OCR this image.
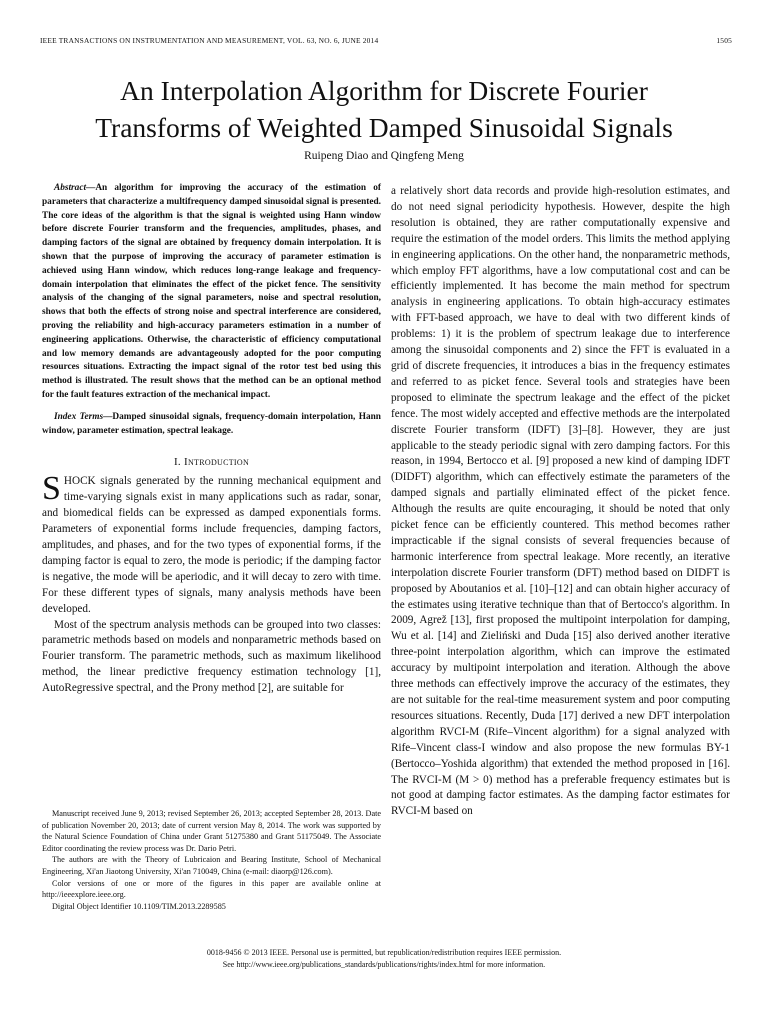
IEEE TRANSACTIONS ON INSTRUMENTATION AND MEASUREMENT, VOL. 63, NO. 6, JUNE 2014	1505
An Interpolation Algorithm for Discrete Fourier
Transforms of Weighted Damped Sinusoidal Signals
Ruipeng Diao and Qingfeng Meng

Abstract—An algorithm for improving the accuracy of the estimation of parameters that characterize a multifrequency damped sinusoidal signal is presented. The core ideas of the algorithm is that the signal is weighted using Hann window before discrete Fourier transform and the frequencies, amplitudes, phases, and damping factors of the signal are obtained by frequency domain interpolation. It is shown that the purpose of improving the accuracy of parameter estimation is achieved using Hann window, which reduces long-range leakage and frequency-domain interpolation that eliminates the effect of the picket fence. The sensitivity analysis of the changing of the signal parameters, noise and spectral resolution, shows that both the effects of strong noise and spectral interference are considered, proving the reliability and high-accuracy parameters estimation in a number of engineering applications. Otherwise, the characteristic of efficiency computational and low memory demands are advantageously adopted for the poor computing resources situations. Extracting the impact signal of the rotor test bed using this method is illustrated. The result shows that the method can be an optional method for the fault features extraction of the mechanical impact.

Index Terms—Damped sinusoidal signals, frequency-domain interpolation, Hann window, parameter estimation, spectral leakage.

I. Introduction

SHOCK signals generated by the running mechanical equipment and time-varying signals exist in many applications such as radar, sonar, and biomedical fields can be expressed as damped exponentials forms. Parameters of exponential forms include frequencies, damping factors, amplitudes, and phases, and for the two types of exponential forms, if the damping factor is equal to zero, the mode is periodic; if the damping factor is negative, the mode will be aperiodic, and it will decay to zero with time. For these different types of signals, many analysis methods have been developed.

Most of the spectrum analysis methods can be grouped into two classes: parametric methods based on models and nonparametric methods based on Fourier transform. The parametric methods, such as maximum likelihood method, the linear predictive frequency estimation technology [1], AutoRegressive spectral, and the Prony method [2], are suitable for

a relatively short data records and provide high-resolution estimates, and do not need signal periodicity hypothesis. However, despite the high resolution is obtained, they are rather computationally expensive and require the estimation of the model orders. This limits the method applying in engineering applications. On the other hand, the nonparametric methods, which employ FFT algorithms, have a low computational cost and can be efficiently implemented. It has become the main method for spectrum analysis in engineering applications. To obtain high-accuracy estimates with FFT-based approach, we have to deal with two different kinds of problems: 1) it is the problem of spectrum leakage due to interference among the sinusoidal components and 2) since the FFT is evaluated in a grid of discrete frequencies, it introduces a bias in the frequency estimates and referred to as picket fence. Several tools and strategies have been proposed to eliminate the spectrum leakage and the effect of the picket fence. The most widely accepted and effective methods are the interpolated discrete Fourier transform (IDFT) [3]–[8]. However, they are just applicable to the steady periodic signal with zero damping factors. For this reason, in 1994, Bertocco et al. [9] proposed a new kind of damping IDFT (DIDFT) algorithm, which can effectively estimate the parameters of the damped signals and partially eliminated effect of the picket fence. Although the results are quite encouraging, it should be noted that only picket fence can be efficiently countered. This method becomes rather impracticable if the signal consists of several frequencies because of harmonic interference from spectral leakage. More recently, an iterative interpolation discrete Fourier transform (DFT) method based on DIDFT is proposed by Aboutanios et al. [10]–[12] and can obtain higher accuracy of the estimates using iterative technique than that of Bertocco's algorithm. In 2009, Agrež [13], first proposed the multipoint interpolation for damping, Wu et al. [14] and Zieliński and Duda [15] also derived another iterative three-point interpolation algorithm, which can improve the estimated accuracy by multipoint interpolation and iteration. Although the above three methods can effectively improve the accuracy of the estimates, they are not suitable for the real-time measurement system and poor computing resources situations. Recently, Duda [17] derived a new DFT interpolation algorithm RVCI-M (Rife–Vincent algorithm) for a signal analyzed with Rife–Vincent class-I window and also propose the new formulas BY-1 (Bertocco–Yoshida algorithm) that extended the method proposed in [16]. The RVCI-M (M > 0) method has a preferable frequency estimates but is not good at damping factor estimates. As the damping factor estimates for RVCI-M based on

Manuscript received June 9, 2013; revised September 26, 2013; accepted September 28, 2013. Date of publication November 20, 2013; date of current version May 8, 2014. The work was supported by the Natural Science Foundation of China under Grant 51275380 and Grant 51175049. The Associate Editor coordinating the review process was Dr. Dario Petri.

The authors are with the Theory of Lubricaion and Bearing Institute, School of Mechanical Engineering, Xi'an Jiaotong University, Xi'an 710049, China (e-mail: diaorp@126.com).

Color versions of one or more of the figures in this paper are available online at http://ieeexplore.ieee.org.

Digital Object Identifier 10.1109/TIM.2013.2289585

0018-9456 © 2013 IEEE. Personal use is permitted, but republication/redistribution requires IEEE permission.
See http://www.ieee.org/publications_standards/publications/rights/index.html for more information.
